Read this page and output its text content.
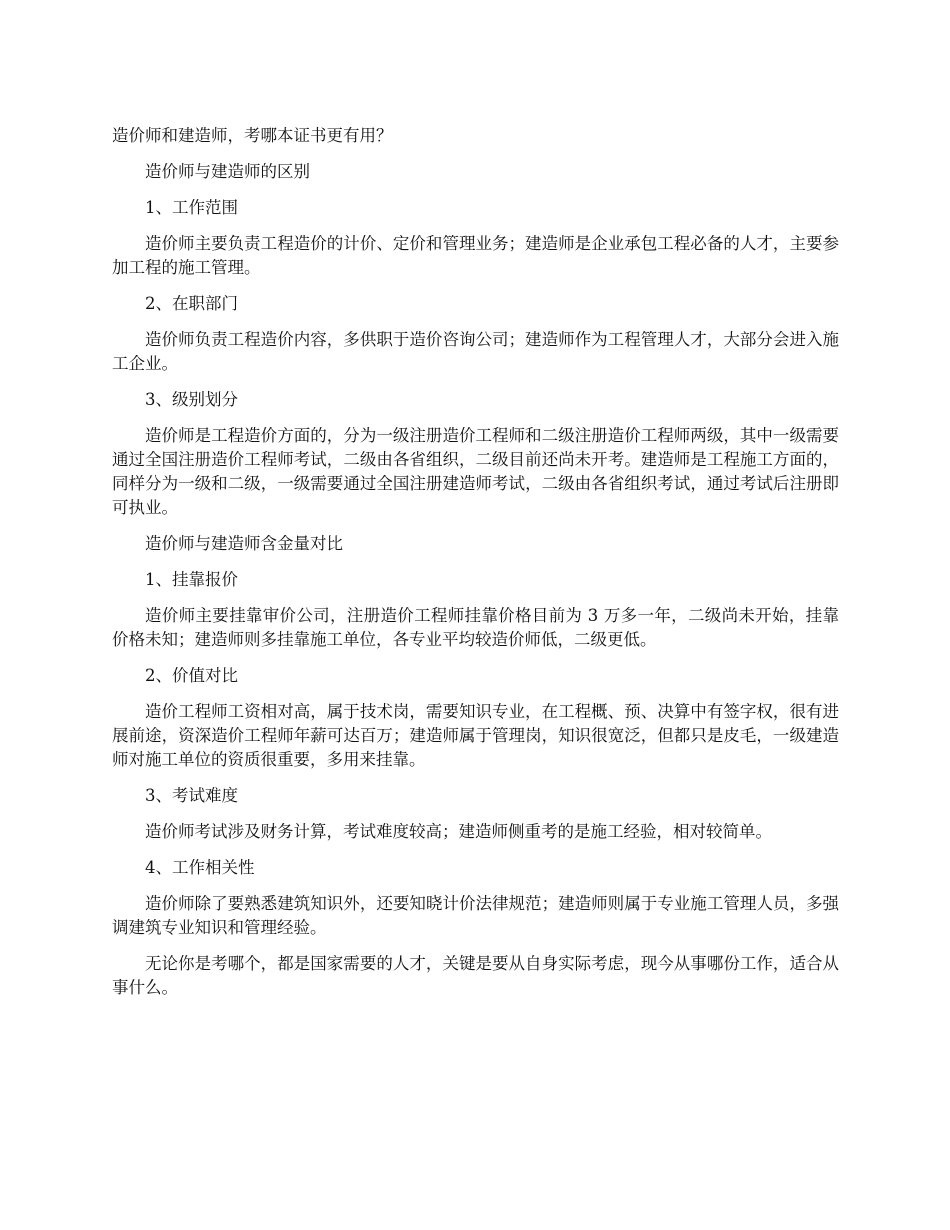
造价师和建造师，考哪本证书更有用？

造价师与建造师的区别

1、工作范围

造价师主要负责工程造价的计价、定价和管理业务；建造师是企业承包工程必备的人才，主要参加工程的施工管理。

2、在职部门

造价师负责工程造价内容，多供职于造价咨询公司；建造师作为工程管理人才，大部分会进入施工企业。

3、级别划分

造价师是工程造价方面的，分为一级注册造价工程师和二级注册造价工程师两级，其中一级需要通过全国注册造价工程师考试，二级由各省组织，二级目前还尚未开考。建造师是工程施工方面的，同样分为一级和二级，一级需要通过全国注册建造师考试，二级由各省组织考试，通过考试后注册即可执业。

造价师与建造师含金量对比

1、挂靠报价

造价师主要挂靠审价公司，注册造价工程师挂靠价格目前为 3 万多一年，二级尚未开始，挂靠价格未知；建造师则多挂靠施工单位，各专业平均较造价师低，二级更低。

2、价值对比

造价工程师工资相对高，属于技术岗，需要知识专业，在工程概、预、决算中有签字权，很有进展前途，资深造价工程师年薪可达百万；建造师属于管理岗，知识很宽泛，但都只是皮毛，一级建造师对施工单位的资质很重要，多用来挂靠。

3、考试难度

造价师考试涉及财务计算，考试难度较高；建造师侧重考的是施工经验，相对较简单。

4、工作相关性

造价师除了要熟悉建筑知识外，还要知晓计价法律规范；建造师则属于专业施工管理人员，多强调建筑专业知识和管理经验。

无论你是考哪个，都是国家需要的人才，关键是要从自身实际考虑，现今从事哪份工作，适合从事什么。
